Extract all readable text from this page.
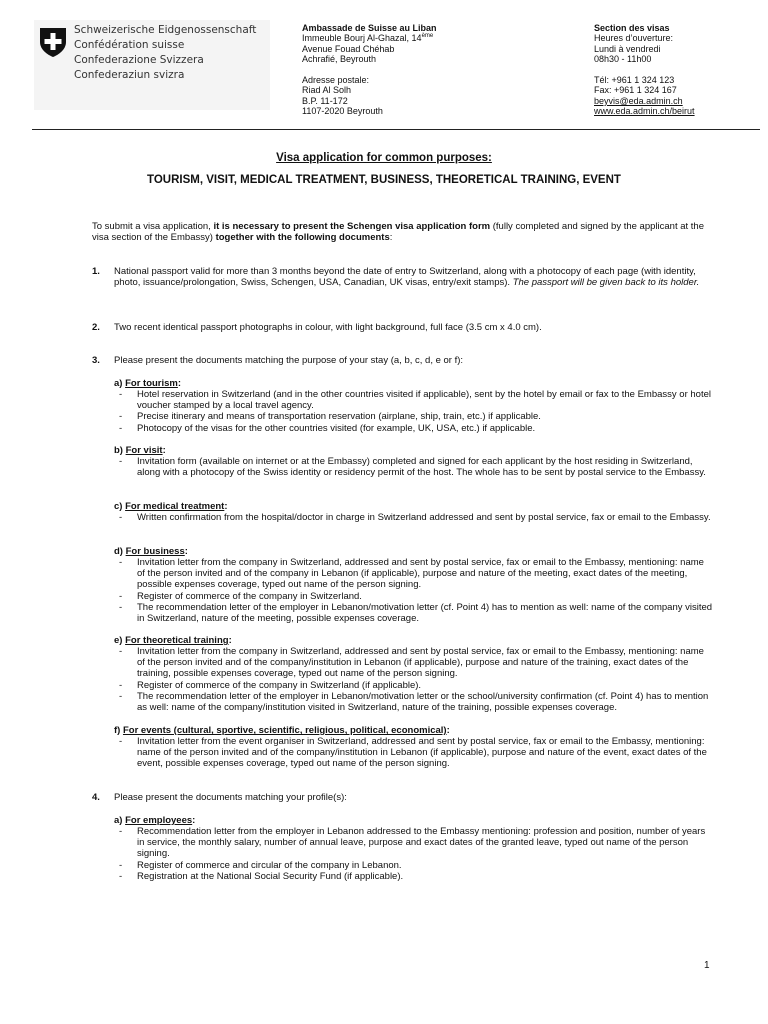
Schweizerische Eidgenossenschaft
Confédération suisse
Confederazione Svizzera
Confederaziun svizra
Ambassade de Suisse au Liban
Immeuble Bourj Al-Ghazal, 14ème
Avenue Fouad Chéhab
Achrafié, Beyrouth
Adresse postale:
Riad Al Solh
B.P. 11-172
1107-2020 Beyrouth
Section des visas
Heures d’ouverture:
Lundi à vendredi
08h30 - 11h00
Tél: +961 1 324 123
Fax: +961 1 324 167
beyvis@eda.admin.ch
www.eda.admin.ch/beirut
Visa application for common purposes:
TOURISM, VISIT, MEDICAL TREATMENT, BUSINESS, THEORETICAL TRAINING, EVENT
To submit a visa application, it is necessary to present the Schengen visa application form (fully completed and signed by the applicant at the visa section of the Embassy) together with the following documents:
1. National passport valid for more than 3 months beyond the date of entry to Switzerland, along with a photocopy of each page (with identity, photo, issuance/prolongation, Swiss, Schengen, USA, Canadian, UK visas, entry/exit stamps). The passport will be given back to its holder.
2. Two recent identical passport photographs in colour, with light background, full face (3.5 cm x 4.0 cm).
3. Please present the documents matching the purpose of your stay (a, b, c, d, e or f):
a) For tourism:
- Hotel reservation in Switzerland (and in the other countries visited if applicable), sent by the hotel by email or fax to the Embassy or hotel voucher stamped by a local travel agency.
- Precise itinerary and means of transportation reservation (airplane, ship, train, etc.) if applicable.
- Photocopy of the visas for the other countries visited (for example, UK, USA, etc.) if applicable.
b) For visit:
- Invitation form (available on internet or at the Embassy) completed and signed for each applicant by the host residing in Switzerland, along with a photocopy of the Swiss identity or residency permit of the host. The whole has to be sent by postal service to the Embassy.
c) For medical treatment:
- Written confirmation from the hospital/doctor in charge in Switzerland addressed and sent by postal service, fax or email to the Embassy.
d) For business:
- Invitation letter from the company in Switzerland, addressed and sent by postal service, fax or email to the Embassy, mentioning: name of the person invited and of the company in Lebanon (if applicable), purpose and nature of the meeting, exact dates of the meeting, possible expenses coverage, typed out name of the person signing.
- Register of commerce of the company in Switzerland.
- The recommendation letter of the employer in Lebanon/motivation letter (cf. Point 4) has to mention as well: name of the company visited in Switzerland, nature of the meeting, possible expenses coverage.
e) For theoretical training:
- Invitation letter from the company in Switzerland, addressed and sent by postal service, fax or email to the Embassy, mentioning: name of the person invited and of the company/institution in Lebanon (if applicable), purpose and nature of the training, exact dates of the training, possible expenses coverage, typed out name of the person signing.
- Register of commerce of the company in Switzerland (if applicable).
- The recommendation letter of the employer in Lebanon/motivation letter or the school/university confirmation (cf. Point 4) has to mention as well: name of the company/institution visited in Switzerland, nature of the training, possible expenses coverage.
f) For events (cultural, sportive, scientific, religious, political, economical):
- Invitation letter from the event organiser in Switzerland, addressed and sent by postal service, fax or email to the Embassy, mentioning: name of the person invited and of the company/institution in Lebanon (if applicable), purpose and nature of the event, exact dates of the event, possible expenses coverage, typed out name of the person signing.
4. Please present the documents matching your profile(s):
a) For employees:
- Recommendation letter from the employer in Lebanon addressed to the Embassy mentioning: profession and position, number of years in service, the monthly salary, number of annual leave, purpose and exact dates of the granted leave, typed out name of the person signing.
- Register of commerce and circular of the company in Lebanon.
- Registration at the National Social Security Fund (if applicable).
1
